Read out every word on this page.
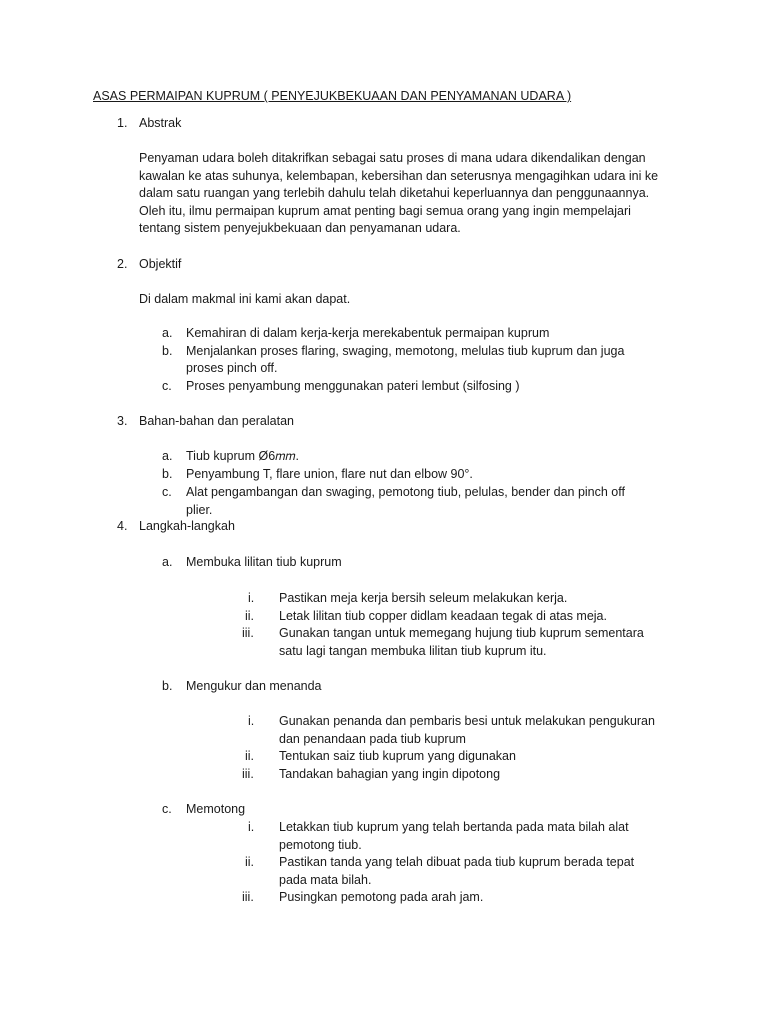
ASAS PERMAIPAN KUPRUM ( PENYEJUKBEKUAAN DAN PENYAMANAN UDARA )
1. Abstrak
Penyaman udara boleh ditakrifkan sebagai satu proses di mana udara dikendalikan dengan
kawalan ke atas suhunya, kelembapan, kebersihan dan seterusnya mengagihkan udara ini ke
dalam satu ruangan yang terlebih dahulu telah diketahui keperluannya dan penggunaannya.
Oleh itu, ilmu permaipan kuprum amat penting bagi semua orang yang ingin mempelajari
tentang sistem penyejukbekuaan dan penyamanan udara.
2. Objektif
Di dalam makmal ini kami akan dapat.
a. Kemahiran di dalam kerja-kerja merekabentuk permaipan kuprum
b. Menjalankan proses flaring, swaging, memotong, melulas tiub kuprum dan juga
proses pinch off.
c. Proses penyambung menggunakan pateri lembut (silfosing )
3. Bahan-bahan dan peralatan
a. Tiub kuprum Ø6𝑚𝑚.
b. Penyambung T, flare union, flare nut dan elbow 90°.
c. Alat pengambangan dan swaging, pemotong tiub, pelulas, bender dan pinch off
plier.
4. Langkah-langkah
a. Membuka lilitan tiub kuprum
i. Pastikan meja kerja bersih seleum melakukan kerja.
ii. Letak lilitan tiub copper didlam keadaan tegak di atas meja.
iii. Gunakan tangan untuk memegang hujung tiub kuprum sementara
satu lagi tangan membuka lilitan tiub kuprum itu.
b. Mengukur dan menanda
i. Gunakan penanda dan pembaris besi untuk melakukan pengukuran
dan penandaan pada tiub kuprum
ii. Tentukan saiz tiub kuprum yang digunakan
iii. Tandakan bahagian yang ingin dipotong
c. Memotong
i. Letakkan tiub kuprum yang telah bertanda pada mata bilah alat
pemotong tiub.
ii. Pastikan tanda yang telah dibuat pada tiub kuprum berada tepat
pada mata bilah.
iii. Pusingkan pemotong pada arah jam.
